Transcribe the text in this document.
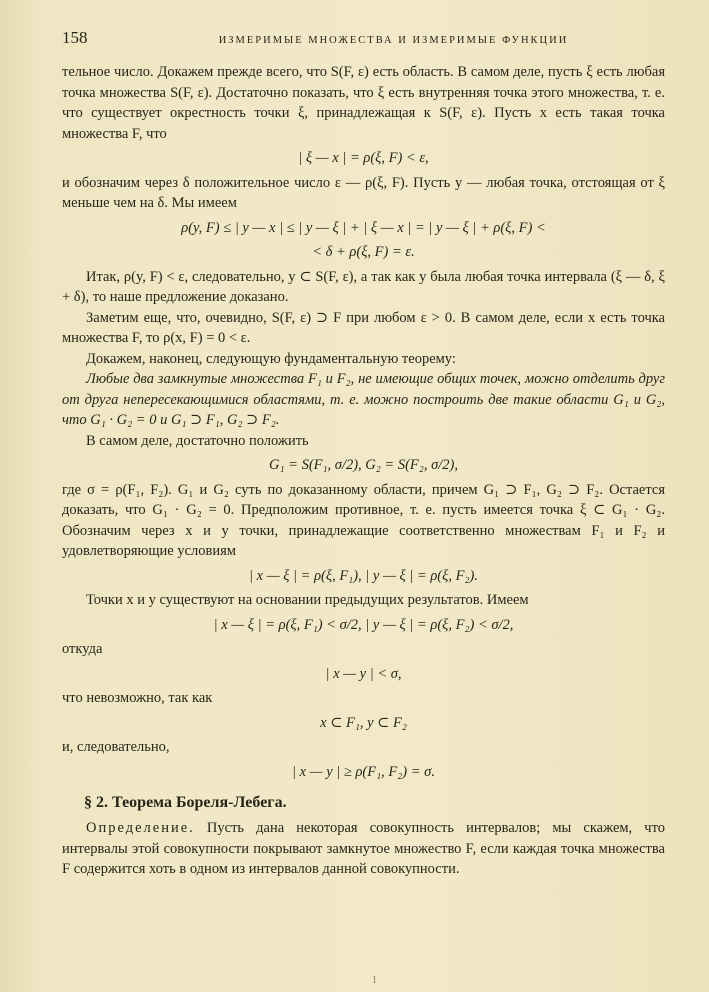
158	ИЗМЕРИМЫЕ МНОЖЕСТВА И ИЗМЕРИМЫЕ ФУНКЦИИ

тельное число. Докажем прежде всего, что S(F, ε) есть область. В самом деле, пусть ξ есть любая точка множества S(F, ε). Достаточно показать, что ξ есть внутренняя точка этого множества, т. е. что существует окрестность точки ξ, принадлежащая к S(F, ε). Пусть x есть такая точка множества F, что

| ξ — x | = ρ(ξ, F) < ε,

и обозначим через δ положительное число ε — ρ(ξ, F). Пусть y — любая точка, отстоящая от ξ меньше чем на δ. Мы имеем

ρ(y, F) ≤ | y — x | ≤ | y — ξ | + | ξ — x | = | y — ξ | + ρ(ξ, F) <
< δ + ρ(ξ, F) = ε.

Итак, ρ(y, F) < ε, следовательно, y ⊂ S(F, ε), а так как y была любая точка интервала (ξ — δ, ξ + δ), то наше предложение доказано.

Заметим еще, что, очевидно, S(F, ε) ⊃ F при любом ε > 0. В самом деле, если x есть точка множества F, то ρ(x, F) = 0 < ε.

Докажем, наконец, следующую фундаментальную теорему:

Любые два замкнутые множества F₁ и F₂, не имеющие общих точек, можно отделить друг от друга непересекающимися областями, т. е. можно построить две такие области G₁ и G₂, что G₁ · G₂ = 0 и G₁ ⊃ F₁, G₂ ⊃ F₂.

В самом деле, достаточно положить

G₁ = S(F₁, σ/2), G₂ = S(F₂, σ/2),

где σ = ρ(F₁, F₂). G₁ и G₂ суть по доказанному области, причем G₁ ⊃ F₁, G₂ ⊃ F₂. Остается доказать, что G₁ · G₂ = 0. Предположим противное, т. е. пусть имеется точка ξ ⊂ G₁ · G₂. Обозначим через x и y точки, принадлежащие соответственно множествам F₁ и F₂ и удовлетворяющие условиям

| x — ξ | = ρ(ξ, F₁), | y — ξ | = ρ(ξ, F₂).

Точки x и y существуют на основании предыдущих результатов. Имеем

| x — ξ | = ρ(ξ, F₁) < σ/2, | y — ξ | = ρ(ξ, F₂) < σ/2,

откуда

| x — y | < σ,

что невозможно, так как

x ⊂ F₁, y ⊂ F₂

и, следовательно,

| x — y | ≥ ρ(F₁, F₂) = σ.
§ 2. Теорема Бореля-Лебега.

Определение. Пусть дана некоторая совокупность интервалов; мы скажем, что интервалы этой совокупности покрывают замкнутое множество F, если каждая точка множества F содержится хоть в одном из интервалов данной совокупности.

1
